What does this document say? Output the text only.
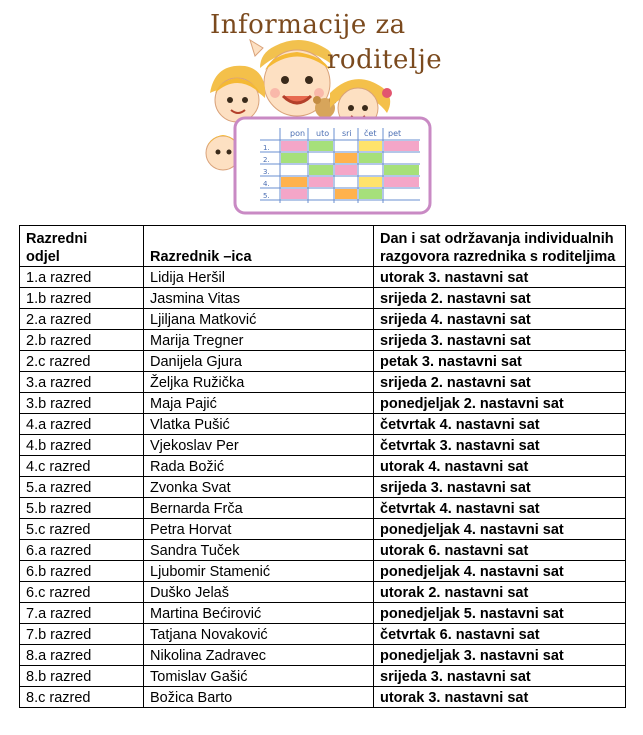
pon uto sri čet pet
1.
2.
3.
4.
5.
Informacije za
roditelje
Razredni
odjel	Razrednik –ica	Dan i sat održavanja individualnih
razgovora razrednika s roditeljima

1.a razred	Lidija Heršil	utorak 3. nastavni sat
1.b razred	Jasmina Vitas	srijeda 2. nastavni sat
2.a razred	Ljiljana Matković	srijeda 4. nastavni sat
2.b razred	Marija Tregner	srijeda 3. nastavni sat
2.c razred	Danijela Gjura	petak 3. nastavni sat
3.a razred	Željka Ružička	srijeda 2. nastavni sat
3.b razred	Maja Pajić	ponedjeljak 2. nastavni sat
4.a razred	Vlatka Pušić	četvrtak 4. nastavni sat
4.b razred	Vjekoslav Per	četvrtak 3. nastavni sat
4.c razred	Rada Božić	utorak 4. nastavni sat
5.a razred	Zvonka Svat	srijeda 3. nastavni sat
5.b razred	Bernarda Frča	četvrtak 4. nastavni sat
5.c razred	Petra Horvat	ponedjeljak 4. nastavni sat
6.a razred	Sandra Tuček	utorak 6. nastavni sat
6.b razred	Ljubomir Stamenić	ponedjeljak 4. nastavni sat
6.c razred	Duško Jelaš	utorak 2. nastavni sat
7.a razred	Martina Bećirović	ponedjeljak 5. nastavni sat
7.b razred	Tatjana Novaković	četvrtak 6. nastavni sat
8.a razred	Nikolina Zadravec	ponedjeljak 3. nastavni sat
8.b razred	Tomislav Gašić	srijeda 3. nastavni sat
8.c razred	Božica Barto	utorak 3. nastavni sat
